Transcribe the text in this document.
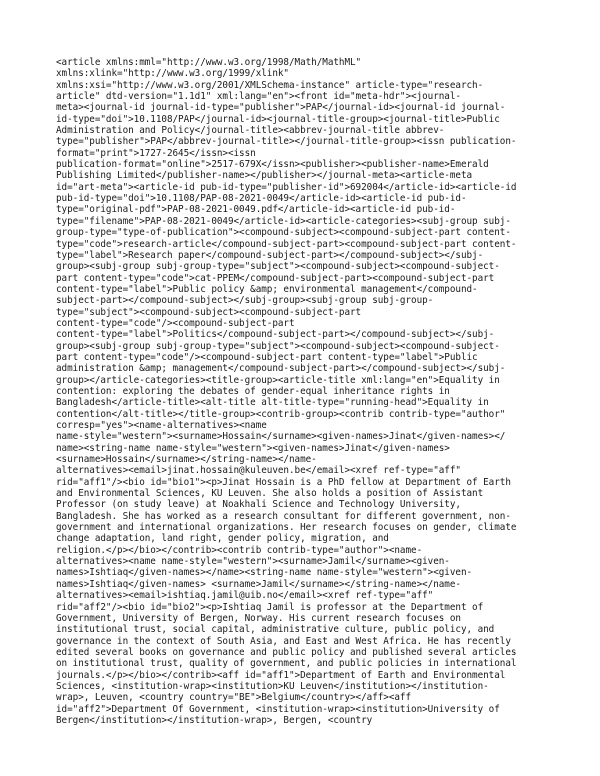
<article xmlns:mml="http://www.w3.org/1998/Math/MathML"
xmlns:xlink="http://www.w3.org/1999/xlink"
xmlns:xsi="http://www.w3.org/2001/XMLSchema-instance" article-type="research-
article" dtd-version="1.1d1" xml:lang="en"><front id="meta-hdr"><journal-
meta><journal-id journal-id-type="publisher">PAP</journal-id><journal-id journal-
id-type="doi">10.1108/PAP</journal-id><journal-title-group><journal-title>Public
Administration and Policy</journal-title><abbrev-journal-title abbrev-
type="publisher">PAP</abbrev-journal-title></journal-title-group><issn publication-
format="print">1727-2645</issn><issn
publication-format="online">2517-679X</issn><publisher><publisher-name>Emerald
Publishing Limited</publisher-name></publisher></journal-meta><article-meta
id="art-meta"><article-id pub-id-type="publisher-id">692004</article-id><article-id
pub-id-type="doi">10.1108/PAP-08-2021-0049</article-id><article-id pub-id-
type="original-pdf">PAP-08-2021-0049.pdf</article-id><article-id pub-id-
type="filename">PAP-08-2021-0049</article-id><article-categories><subj-group subj-
group-type="type-of-publication"><compound-subject><compound-subject-part content-
type="code">research-article</compound-subject-part><compound-subject-part content-
type="label">Research paper</compound-subject-part></compound-subject></subj-
group><subj-group subj-group-type="subject"><compound-subject><compound-subject-
part content-type="code">cat-PPEM</compound-subject-part><compound-subject-part
content-type="label">Public policy &amp; environmental management</compound-
subject-part></compound-subject></subj-group><subj-group subj-group-
type="subject"><compound-subject><compound-subject-part
content-type="code"/><compound-subject-part
content-type="label">Politics</compound-subject-part></compound-subject></subj-
group><subj-group subj-group-type="subject"><compound-subject><compound-subject-
part content-type="code"/><compound-subject-part content-type="label">Public
administration &amp; management</compound-subject-part></compound-subject></subj-
group></article-categories><title-group><article-title xml:lang="en">Equality in
contention: exploring the debates of gender-equal inheritance rights in
Bangladesh</article-title><alt-title alt-title-type="running-head">Equality in
contention</alt-title></title-group><contrib-group><contrib contrib-type="author"
corresp="yes"><name-alternatives><name
name-style="western"><surname>Hossain</surname><given-names>Jinat</given-names></
name><string-name name-style="western"><given-names>Jinat</given-names>
<surname>Hossain</surname></string-name></name-
alternatives><email>jinat.hossain@kuleuven.be</email><xref ref-type="aff"
rid="aff1"/><bio id="bio1"><p>Jinat Hossain is a PhD fellow at Department of Earth
and Environmental Sciences, KU Leuven. She also holds a position of Assistant
Professor (on study leave) at Noakhali Science and Technology University,
Bangladesh. She has worked as a research consultant for different government, non-
government and international organizations. Her research focuses on gender, climate
change adaptation, land right, gender policy, migration, and
religion.</p></bio></contrib><contrib contrib-type="author"><name-
alternatives><name name-style="western"><surname>Jamil</surname><given-
names>Ishtiaq</given-names></name><string-name name-style="western"><given-
names>Ishtiaq</given-names> <surname>Jamil</surname></string-name></name-
alternatives><email>ishtiaq.jamil@uib.no</email><xref ref-type="aff"
rid="aff2"/><bio id="bio2"><p>Ishtiaq Jamil is professor at the Department of
Government, University of Bergen, Norway. His current research focuses on
institutional trust, social capital, administrative culture, public policy, and
governance in the context of South Asia, and East and West Africa. He has recently
edited several books on governance and public policy and published several articles
on institutional trust, quality of government, and public policies in international
journals.</p></bio></contrib><aff id="aff1">Department of Earth and Environmental
Sciences, <institution-wrap><institution>KU Leuven</institution></institution-
wrap>, Leuven, <country country="BE">Belgium</country></aff><aff
id="aff2">Department Of Government, <institution-wrap><institution>University of
Bergen</institution></institution-wrap>, Bergen, <country
